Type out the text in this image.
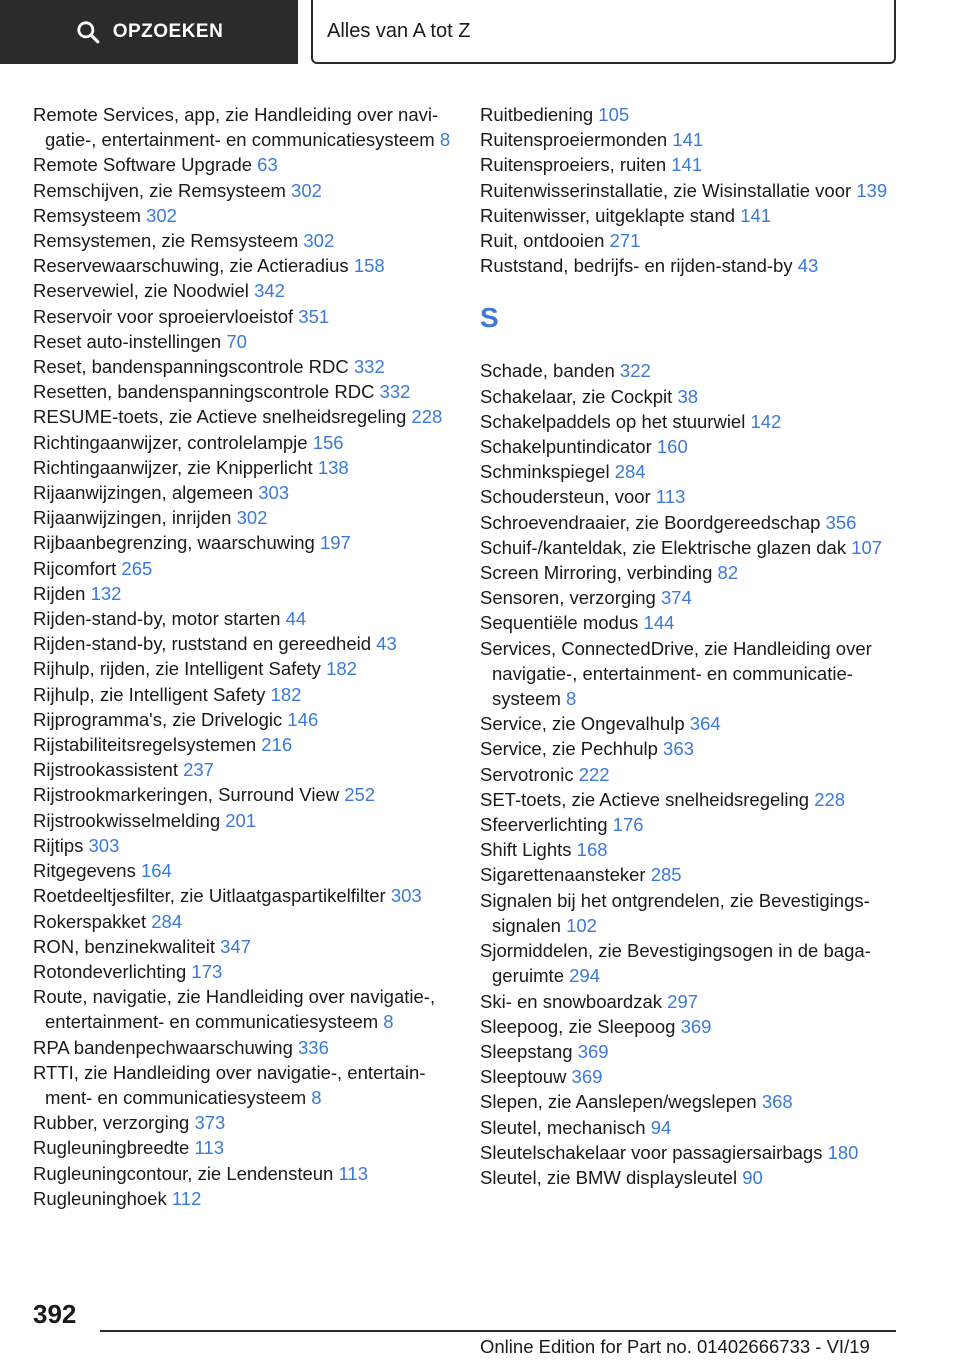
OPZOEKEN	Alles van A tot Z
Remote Services, app, zie Handleiding over navigatie-, entertainment- en communicatiesysteem 8
Remote Software Upgrade 63
Remschijven, zie Remsysteem 302
Remsysteem 302
Remsystemen, zie Remsysteem 302
Reservewaarschuwing, zie Actieradius 158
Reservewiel, zie Noodwiel 342
Reservoir voor sproeiervloeistof 351
Reset auto-instellingen 70
Reset, bandenspanningscontrole RDC 332
Resetten, bandenspanningscontrole RDC 332
RESUME-toets, zie Actieve snelheidsregeling 228
Richtingaanwijzer, controlelampje 156
Richtingaanwijzer, zie Knipperlicht 138
Rijaanwijzingen, algemeen 303
Rijaanwijzingen, inrijden 302
Rijbaanbegrenzing, waarschuwing 197
Rijcomfort 265
Rijden 132
Rijden-stand-by, motor starten 44
Rijden-stand-by, ruststand en gereedheid 43
Rijhulp, rijden, zie Intelligent Safety 182
Rijhulp, zie Intelligent Safety 182
Rijprogramma's, zie Drivelogic 146
Rijstabiliteitsregelsystemen 216
Rijstrookassistent 237
Rijstrookmarkeringen, Surround View 252
Rijstrookwisselmelding 201
Rijtips 303
Ritgegevens 164
Roetdeeltjesfilter, zie Uitlaatgaspartikelfilter 303
Rokerspakket 284
RON, benzinekwaliteit 347
Rotondeverlichting 173
Route, navigatie, zie Handleiding over navigatie-, entertainment- en communicatiesysteem 8
RPA bandenpechwaarschuwing 336
RTTI, zie Handleiding over navigatie-, entertainment- en communicatiesysteem 8
Rubber, verzorging 373
Rugleuningbreedte 113
Rugleuningcontour, zie Lendensteun 113
Rugleuninghoek 112
Ruitbediening 105
Ruitensproeiermonden 141
Ruitensproeiers, ruiten 141
Ruitenwisserinstallatie, zie Wisinstallatie voor 139
Ruitenwisser, uitgeklapte stand 141
Ruit, ontdooien 271
Ruststand, bedrijfs- en rijden-stand-by 43
S
Schade, banden 322
Schakelaar, zie Cockpit 38
Schakelpaddels op het stuurwiel 142
Schakelpuntindicator 160
Schminkspiegel 284
Schoudersteun, voor 113
Schroevendraaier, zie Boordgereedschap 356
Schuif-/kanteldak, zie Elektrische glazen dak 107
Screen Mirroring, verbinding 82
Sensoren, verzorging 374
Sequentiële modus 144
Services, ConnectedDrive, zie Handleiding over navigatie-, entertainment- en communicatiesysteem 8
Service, zie Ongevalhulp 364
Service, zie Pechhulp 363
Servotronic 222
SET-toets, zie Actieve snelheidsregeling 228
Sfeerverlichting 176
Shift Lights 168
Sigarettenaansteker 285
Signalen bij het ontgrendelen, zie Bevestigingssignalen 102
Sjormiddelen, zie Bevestigingsogen in de bagageruimte 294
Ski- en snowboardzak 297
Sleepoog, zie Sleepoog 369
Sleepstang 369
Sleeptouw 369
Slepen, zie Aanslepen/wegslepen 368
Sleutel, mechanisch 94
Sleutelschakelaar voor passagiersairbags 180
Sleutel, zie BMW displaysleutel 90
392
Online Edition for Part no. 01402666733 - VI/19
